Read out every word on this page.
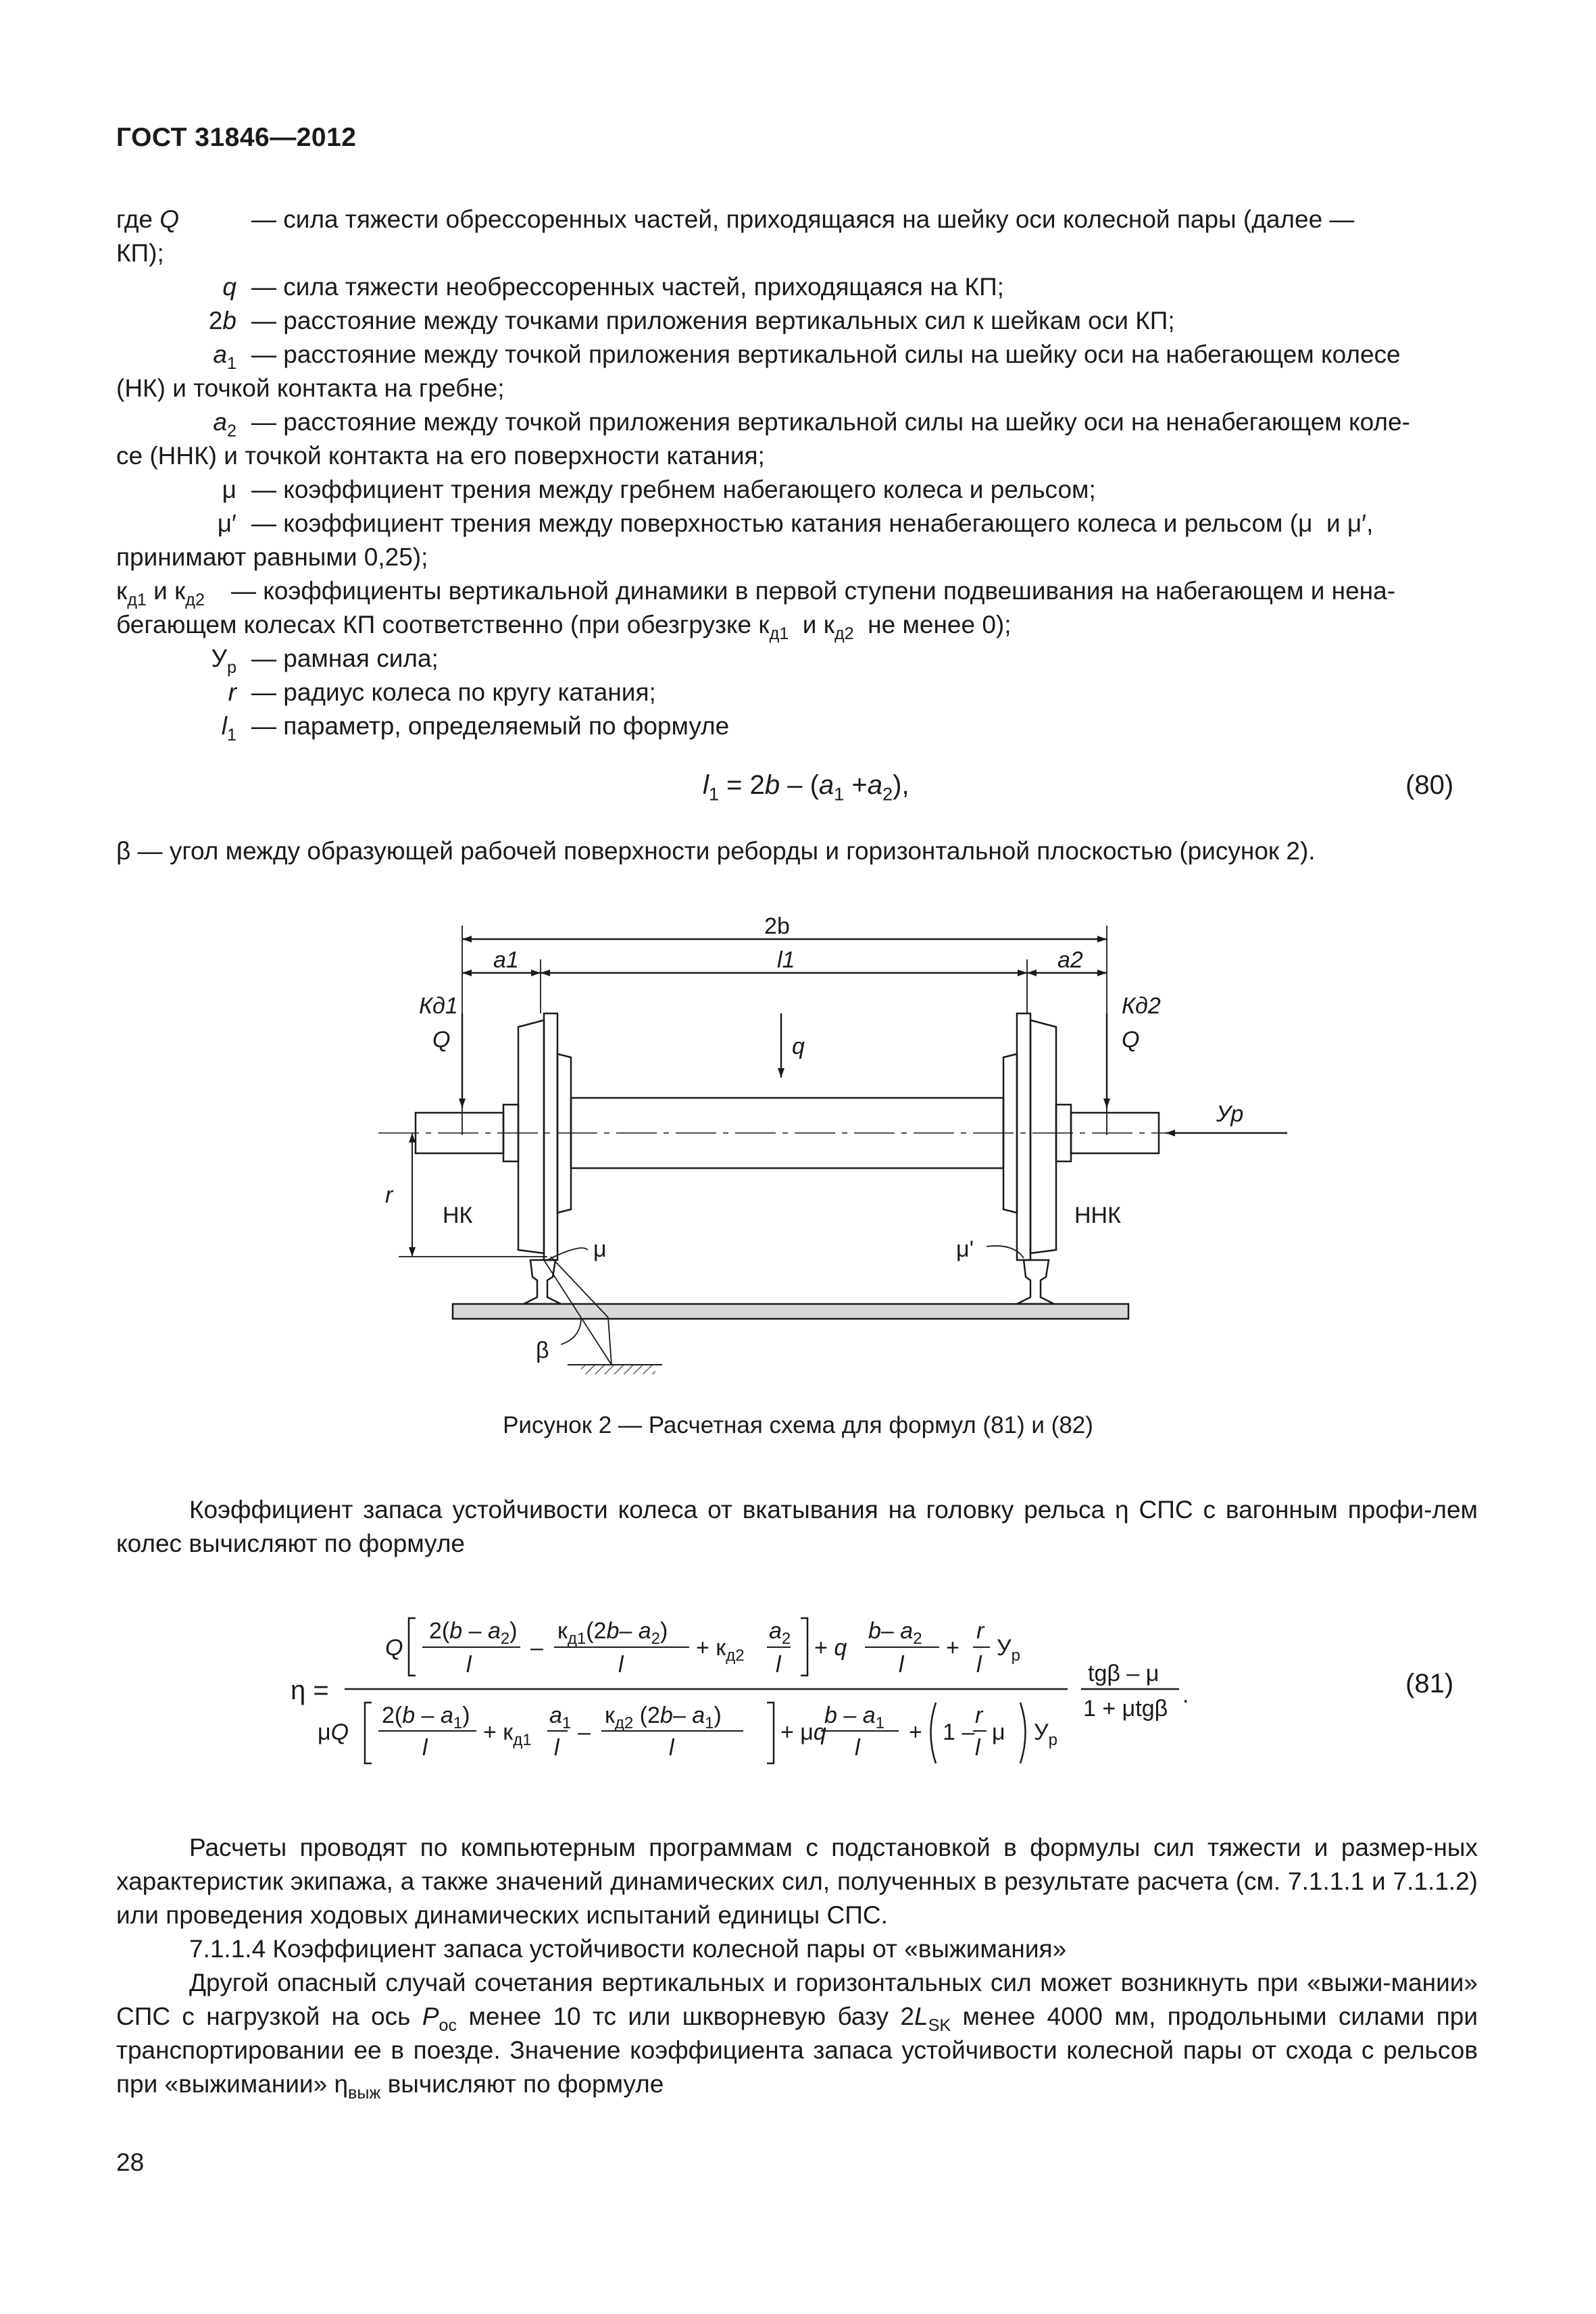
ГОСТ 31846—2012
где Q	— сила тяжести обрессоренных частей, приходящаяся на шейку оси колесной пары (далее —
КП);
q — сила тяжести необрессоренных частей, приходящаяся на КП;
2b — расстояние между точками приложения вертикальных сил к шейкам оси КП;
$a_1$ — расстояние между точкой приложения вертикальной силы на шейку оси на набегающем колесе
(НК) и точкой контакта на гребне;
$a_2$ — расстояние между точкой приложения вертикальной силы на шейку оси на ненабегающем коле-
се (ННК) и точкой контакта на его поверхности катания;
μ — коэффициент трения между гребнем набегающего колеса и рельсом;
μ′ — коэффициент трения между поверхностью катания ненабегающего колеса и рельсом (μ  и μ′,
принимают равными 0,25);
$к_{д1}$ и $к_{д2}$	— коэффициенты вертикальной динамики в первой ступени подвешивания на набегающем и нена-
бегающем колесах КП соответственно (при обезгрузке $к_{д1}$  и $к_{д2}$  не менее 0);
$У_р$ — рамная сила;
r — радиус колеса по кругу катания;
$l_1$ — параметр, определяемый по формуле
$l_1 = 2b - (a_1 +a_2)$,	(80)
β — угол между образующей рабочей поверхности реборды и горизонтальной плоскостью (рисунок 2).
2b
a1	l1	a2
Кд1
Q	q
Кд2
Q
Ур
r
НК	ННК
μ	μ'
β
Рисунок 2 — Расчетная схема для формул (81) и (82)
Коэффициент запаса устойчивости колеса от вкатывания на головку рельса η СПС с вагонным профи-лем колес вычисляют по формуле
η =
Q
$2(b - a_2)$
l
–
$к_{д1}(2b-$ $a_2$)
l
+ $к_{д2}$
$a_2$
l
+ q
b– $a_2$
l
+
r
l
$У_р$
μQ
$2(b - a_1)$
l
+ $к_{д1}$
$a_1$
l
–
$к_{д2}$ (2b– $a_1$)
l
+ μq
b – $a_1$
l
+ 1 –
r
l
μ $У_р$
tgβ – μ
1 + μtgβ
.	(81)
Расчеты проводят по компьютерным программам с подстановкой в формулы сил тяжести и размер-ных характеристик экипажа, а также значений динамических сил, полученных в результате расчета (см. 7.1.1.1 и 7.1.1.2) или проведения ходовых динамических испытаний единицы СПС.
7.1.1.4 Коэффициент запаса устойчивости колесной пары от «выжимания»
Другой опасный случай сочетания вертикальных и горизонтальных сил может возникнуть при «выжи-мании» СПС с нагрузкой на ось $Р_{ос}$ менее 10 тс или шкворневую базу $2L_{SK}$ менее 4000 мм, продольными силами при транспортировании ее в поезде. Значение коэффициента запаса устойчивости колесной пары от схода с рельсов при «выжимании» $\eta_{выж}$ вычисляют по формуле
28
